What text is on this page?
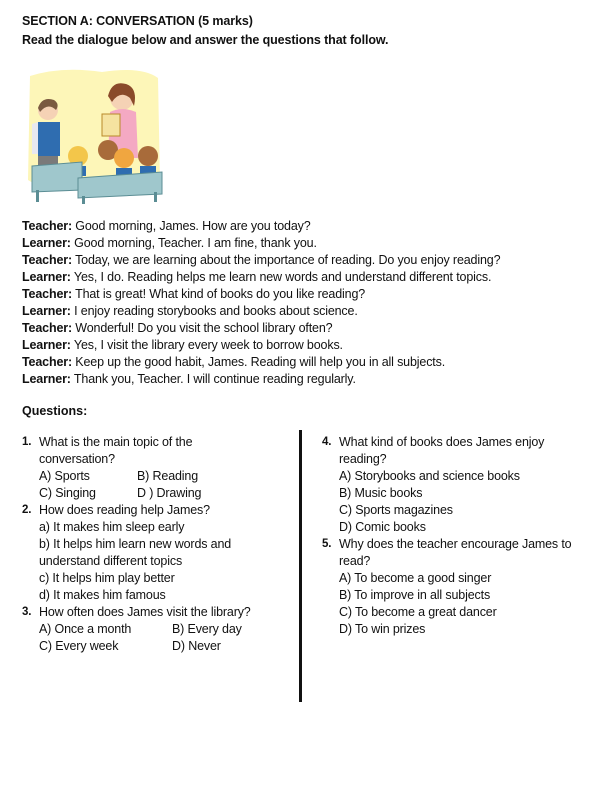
SECTION A: CONVERSATION (5 marks)
Read the dialogue below and answer the questions that follow.
Teacher: Good morning, James. How are you today?
Learner: Good morning, Teacher. I am fine, thank you.
Teacher: Today, we are learning about the importance of reading. Do you enjoy reading?
Learner: Yes, I do. Reading helps me learn new words and understand different topics.
Teacher: That is great! What kind of books do you like reading?
Learner: I enjoy reading storybooks and books about science.
Teacher: Wonderful! Do you visit the school library often?
Learner: Yes, I visit the library every week to borrow books.
Teacher: Keep up the good habit, James. Reading will help you in all subjects.
Learner: Thank you, Teacher. I will continue reading regularly.
Questions:
1. What is the main topic of the conversation?
A) Sports	B) Reading
C) Singing	D ) Drawing
2. How does reading help James?
a) It makes him sleep early
b) It helps him learn new words and understand different topics
c) It helps him play better
d) It makes him famous
3. How often does James visit the library?
A) Once a month	B) Every day
C) Every week	D) Never
4. What kind of books does James enjoy reading?
A) Storybooks and science books
B) Music books
C) Sports magazines
D) Comic books
5. Why does the teacher encourage James to read?
A) To become a good singer
B) To improve in all subjects
C) To become a great dancer
D) To win prizes
